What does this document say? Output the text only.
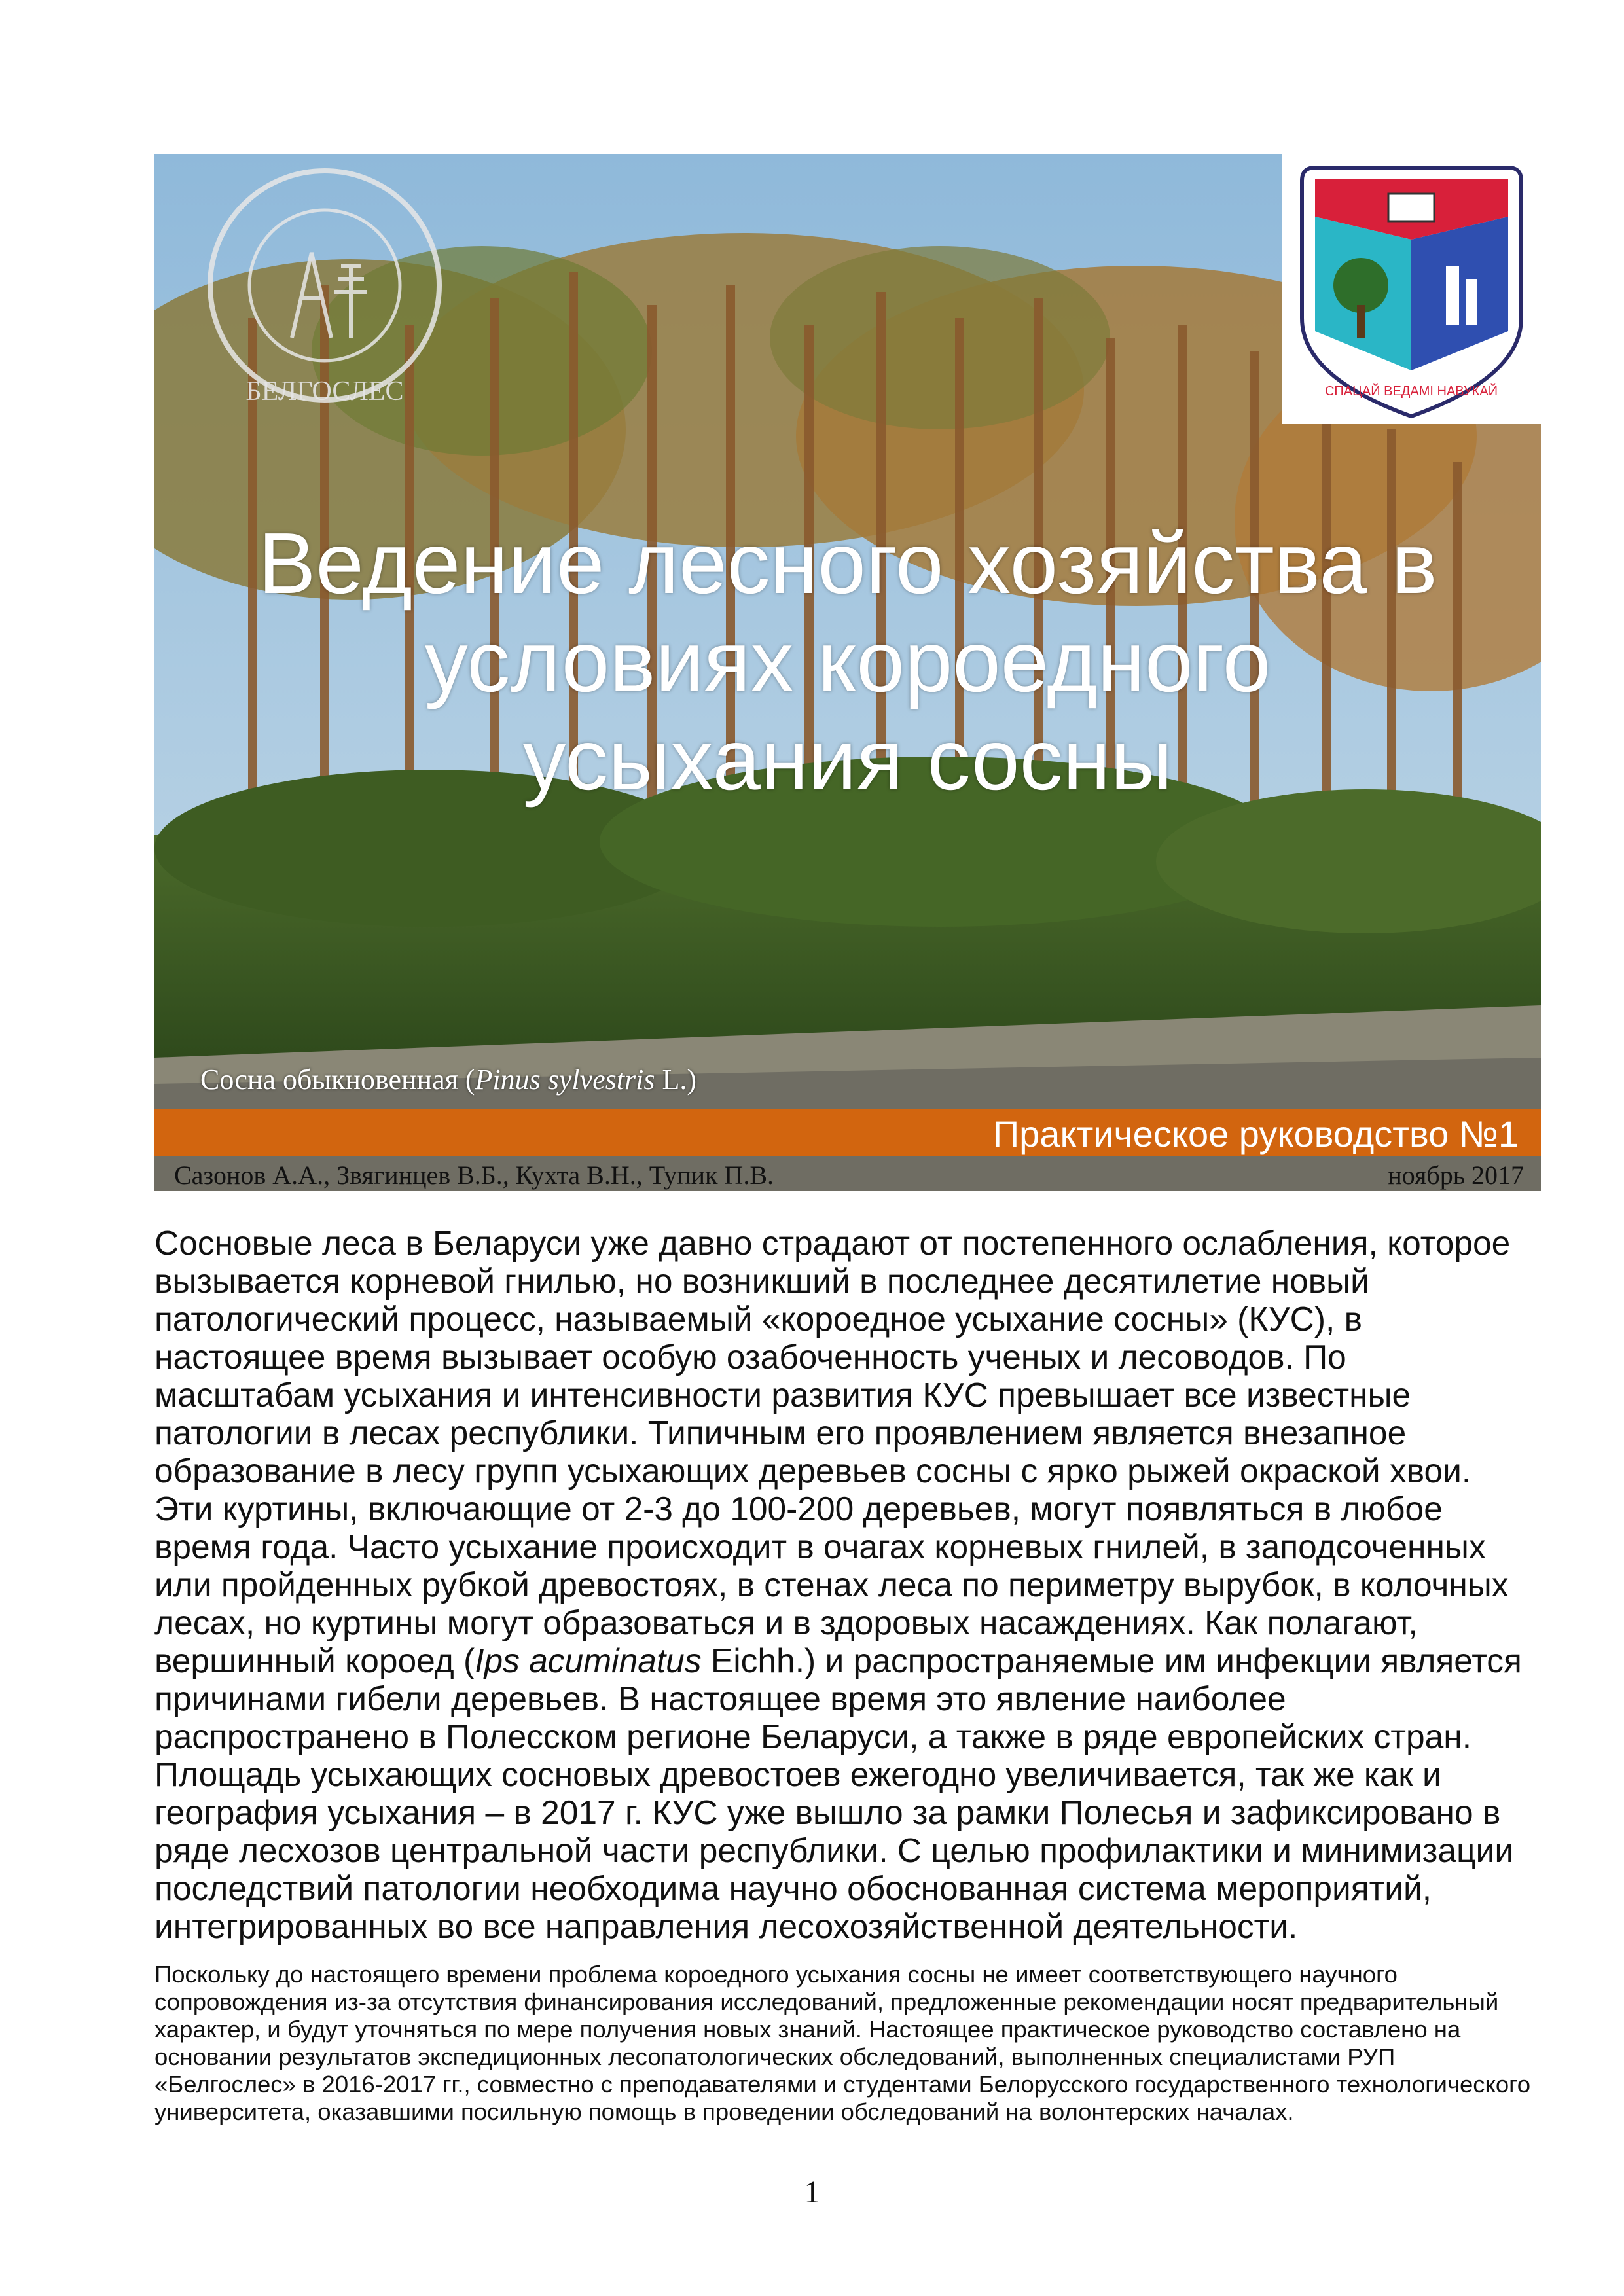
БЕЛГОСЛЕС	СПАЦАЙ ВЕДАМІ НАВУКАЙ
Ведение лесного хозяйства в
условиях короедного
усыхания сосны
Сосна обыкновенная (Pinus sylvestris L.)
Практическое руководство №1
Сазонов А.А., Звягинцев В.Б., Кухта В.Н., Тупик П.В.	ноябрь 2017

Сосновые леса в Беларуси уже давно страдают от постепенного ослабления, которое вызывается корневой гнилью, но возникший в последнее десятилетие новый патологический процесс, называемый «короедное усыхание сосны» (КУС), в настоящее время вызывает особую озабоченность ученых и лесоводов. По масштабам усыхания и интенсивности развития КУС превышает все известные патологии в лесах республики. Типичным его проявлением является внезапное образование в лесу групп усыхающих деревьев сосны с ярко рыжей окраской хвои. Эти куртины, включающие от 2-3 до 100-200 деревьев, могут появляться в любое время года. Часто усыхание происходит в очагах корневых гнилей, в заподсоченных или пройденных рубкой древостоях, в стенах леса по периметру вырубок, в колочных лесах, но куртины могут образоваться и в здоровых насаждениях. Как полагают, вершинный короед (Ips acuminatus Eichh.) и распространяемые им инфекции является причинами гибели деревьев. В настоящее время это явление наиболее распространено в Полесском регионе Беларуси, а также в ряде европейских стран. Площадь усыхающих сосновых древостоев ежегодно увеличивается, так же как и география усыхания – в 2017 г. КУС уже вышло за рамки Полесья и зафиксировано в ряде лесхозов центральной части республики. С целью профилактики и минимизации последствий патологии необходима научно обоснованная система мероприятий, интегрированных во все направления лесохозяйственной деятельности.

Поскольку до настоящего времени проблема короедного усыхания сосны не имеет соответствующего научного сопровождения из-за отсутствия финансирования исследований, предложенные рекомендации носят предварительный характер, и будут уточняться по мере получения новых знаний. Настоящее практическое руководство составлено на основании результатов экспедиционных лесопатологических обследований, выполненных специалистами РУП «Белгослес» в 2016-2017 гг., совместно с преподавателями и студентами Белорусского государственного технологического университета, оказавшими посильную помощь в проведении обследований на волонтерских началах.

1
